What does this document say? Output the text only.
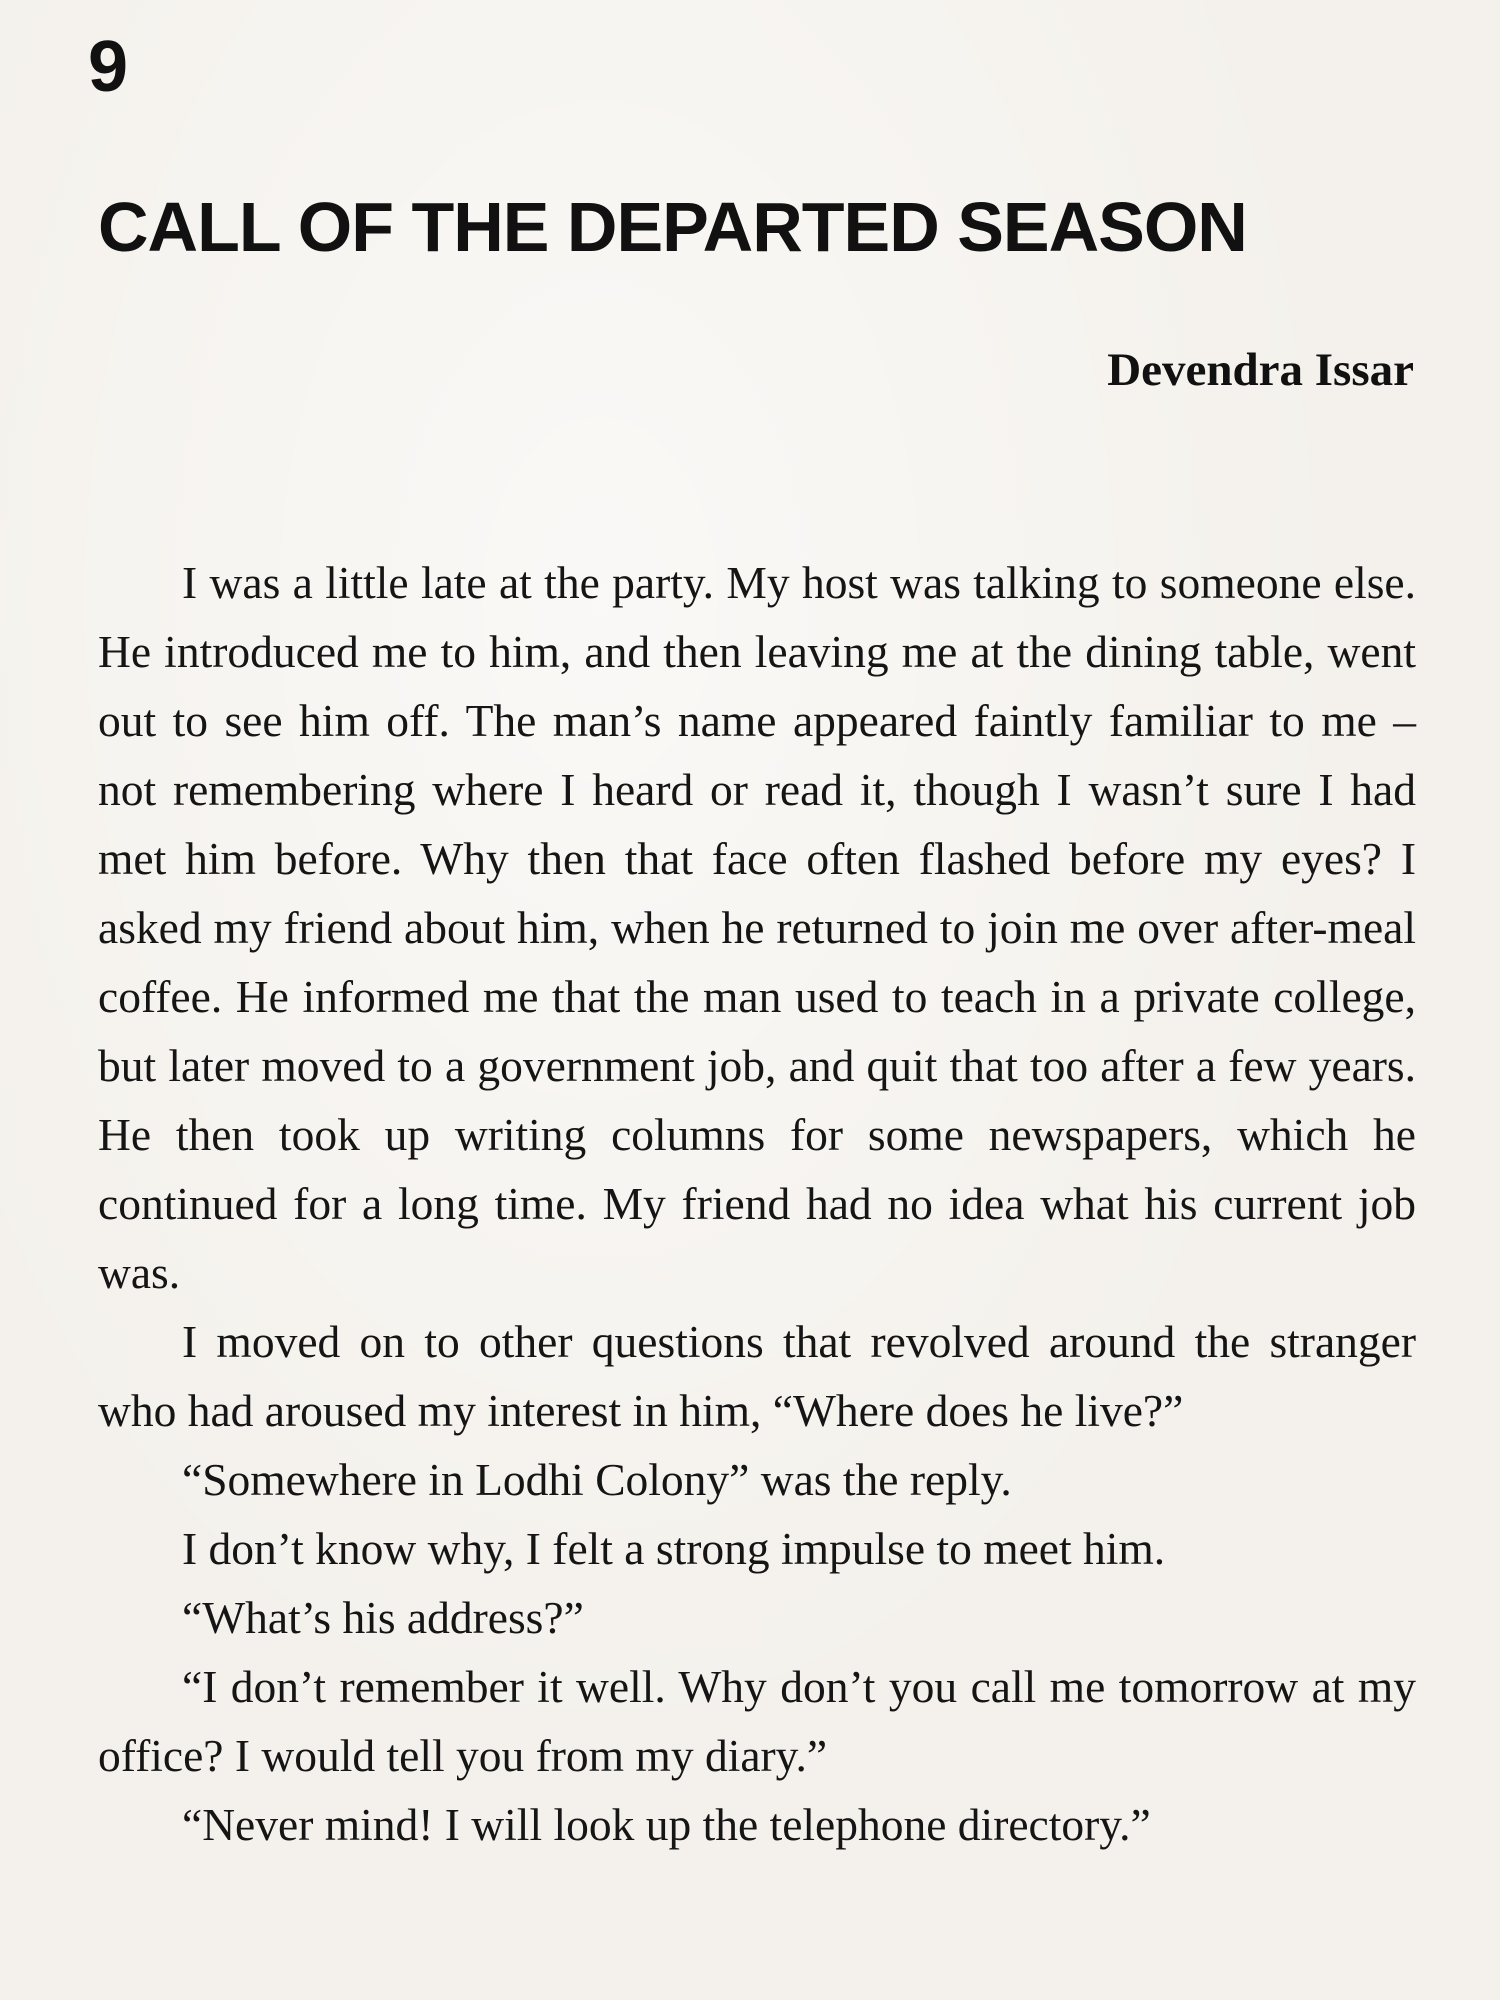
9
CALL OF THE DEPARTED SEASON
Devendra Issar

I was a little late at the party. My host was talking to someone else. He introduced me to him, and then leaving me at the dining table, went out to see him off. The man’s name appeared faintly familiar to me – not remembering where I heard or read it, though I wasn’t sure I had met him before. Why then that face often flashed before my eyes? I asked my friend about him, when he returned to join me over after-meal coffee. He informed me that the man used to teach in a private college, but later moved to a government job, and quit that too after a few years. He then took up writing columns for some newspapers, which he continued for a long time. My friend had no idea what his current job was.

I moved on to other questions that revolved around the stranger who had aroused my interest in him, “Where does he live?”

“Somewhere in Lodhi Colony” was the reply.

I don’t know why, I felt a strong impulse to meet him.

“What’s his address?”

“I don’t remember it well. Why don’t you call me tomorrow at my office? I would tell you from my diary.”

“Never mind! I will look up the telephone directory.”
